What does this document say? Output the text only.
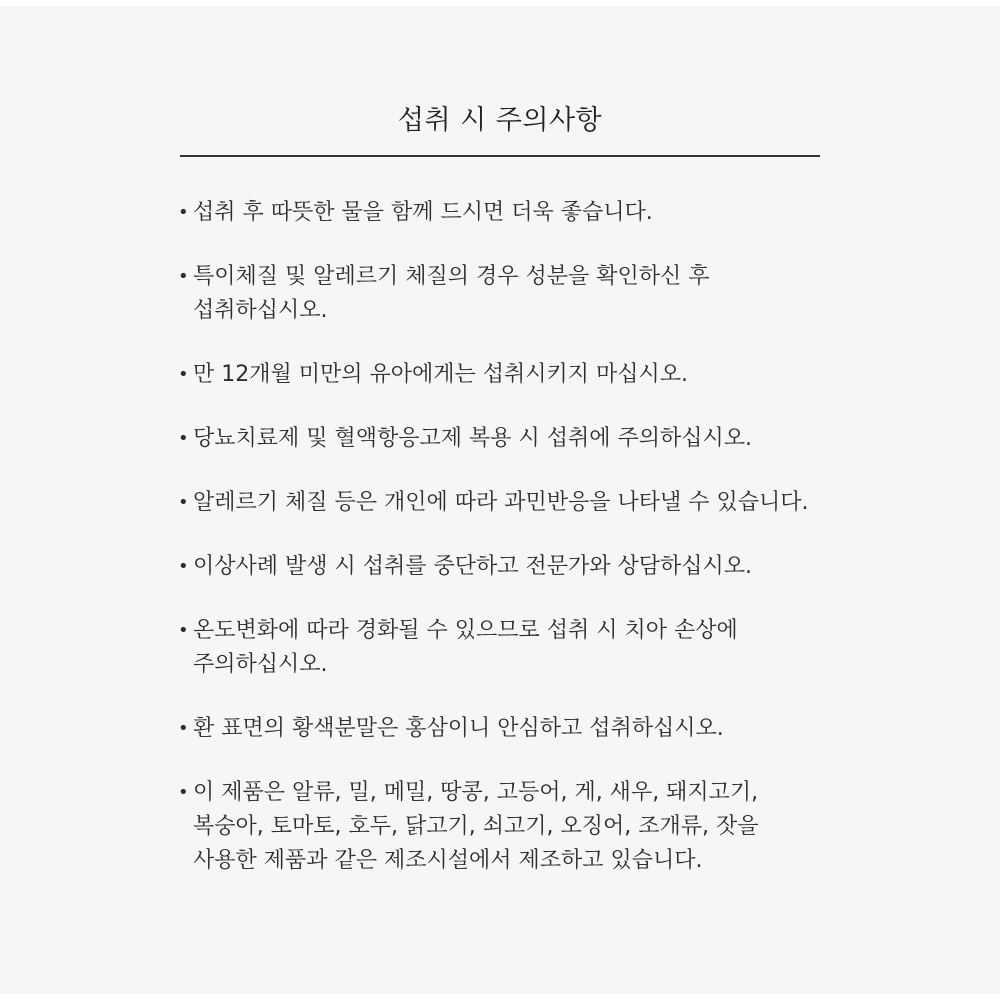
섭취 시 주의사항
• 섭취 후 따뜻한 물을 함께 드시면 더욱 좋습니다.
• 특이체질 및 알레르기 체질의 경우 성분을 확인하신 후
섭취하십시오.
• 만 12개월 미만의 유아에게는 섭취시키지 마십시오.
• 당뇨치료제 및 혈액항응고제 복용 시 섭취에 주의하십시오.
• 알레르기 체질 등은 개인에 따라 과민반응을 나타낼 수 있습니다.
• 이상사례 발생 시 섭취를 중단하고 전문가와 상담하십시오.
• 온도변화에 따라 경화될 수 있으므로 섭취 시 치아 손상에
주의하십시오.
• 환 표면의 황색분말은 홍삼이니 안심하고 섭취하십시오.
• 이 제품은 알류, 밀, 메밀, 땅콩, 고등어, 게, 새우, 돼지고기,
복숭아, 토마토, 호두, 닭고기, 쇠고기, 오징어, 조개류, 잣을
사용한 제품과 같은 제조시설에서 제조하고 있습니다.
